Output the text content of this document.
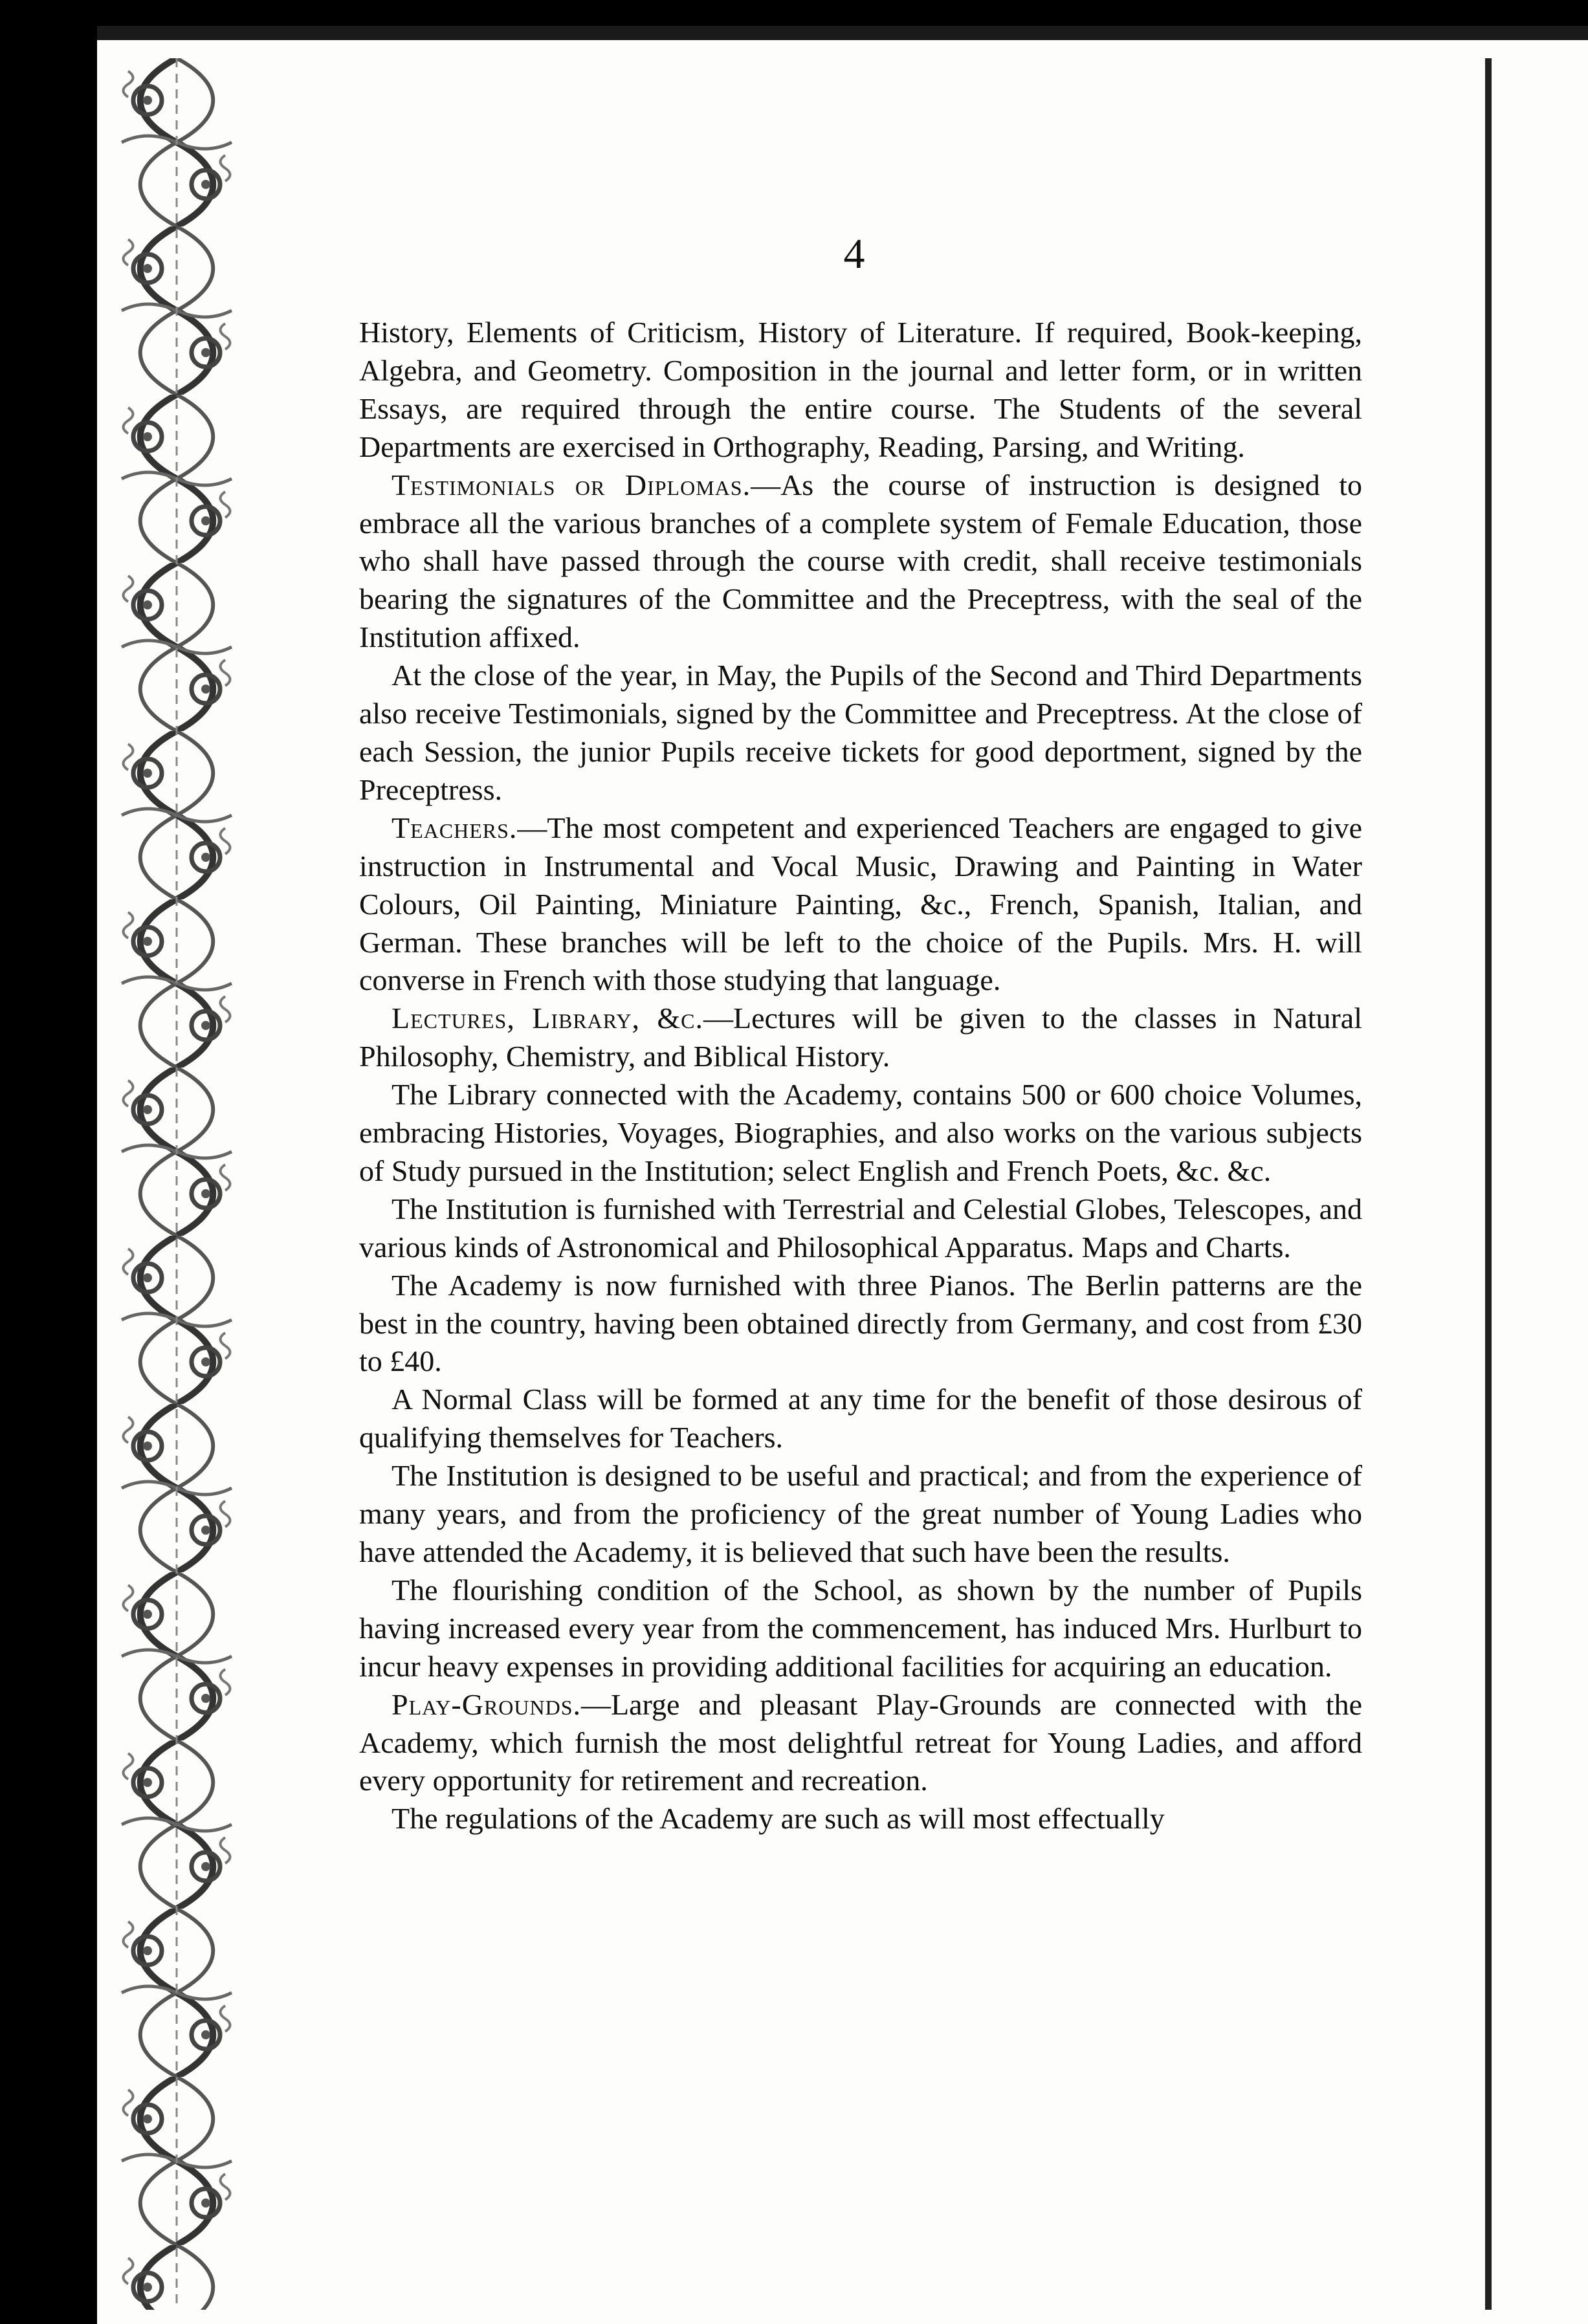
4

History, Elements of Criticism, History of Literature. If required, Book-keeping, Algebra, and Geometry. Composition in the journal and letter form, or in written Essays, are required through the entire course. The Students of the several Departments are exercised in Orthography, Reading, Parsing, and Writing.

Testimonials or Diplomas.—As the course of instruction is designed to embrace all the various branches of a complete system of Female Education, those who shall have passed through the course with credit, shall receive testimonials bearing the signatures of the Committee and the Preceptress, with the seal of the Institution affixed.

At the close of the year, in May, the Pupils of the Second and Third Departments also receive Testimonials, signed by the Committee and Preceptress. At the close of each Session, the junior Pupils receive tickets for good deportment, signed by the Preceptress.

Teachers.—The most competent and experienced Teachers are engaged to give instruction in Instrumental and Vocal Music, Drawing and Painting in Water Colours, Oil Painting, Miniature Painting, &c., French, Spanish, Italian, and German. These branches will be left to the choice of the Pupils. Mrs. H. will converse in French with those studying that language.

Lectures, Library, &c.—Lectures will be given to the classes in Natural Philosophy, Chemistry, and Biblical History.

The Library connected with the Academy, contains 500 or 600 choice Volumes, embracing Histories, Voyages, Biographies, and also works on the various subjects of Study pursued in the Institution; select English and French Poets, &c. &c.

The Institution is furnished with Terrestrial and Celestial Globes, Telescopes, and various kinds of Astronomical and Philosophical Apparatus. Maps and Charts.

The Academy is now furnished with three Pianos. The Berlin patterns are the best in the country, having been obtained directly from Germany, and cost from £30 to £40.

A Normal Class will be formed at any time for the benefit of those desirous of qualifying themselves for Teachers.

The Institution is designed to be useful and practical; and from the experience of many years, and from the proficiency of the great number of Young Ladies who have attended the Academy, it is believed that such have been the results.

The flourishing condition of the School, as shown by the number of Pupils having increased every year from the commencement, has induced Mrs. Hurlburt to incur heavy expenses in providing additional facilities for acquiring an education.

Play-Grounds.—Large and pleasant Play-Grounds are connected with the Academy, which furnish the most delightful retreat for Young Ladies, and afford every opportunity for retirement and recreation.

The regulations of the Academy are such as will most effectually
